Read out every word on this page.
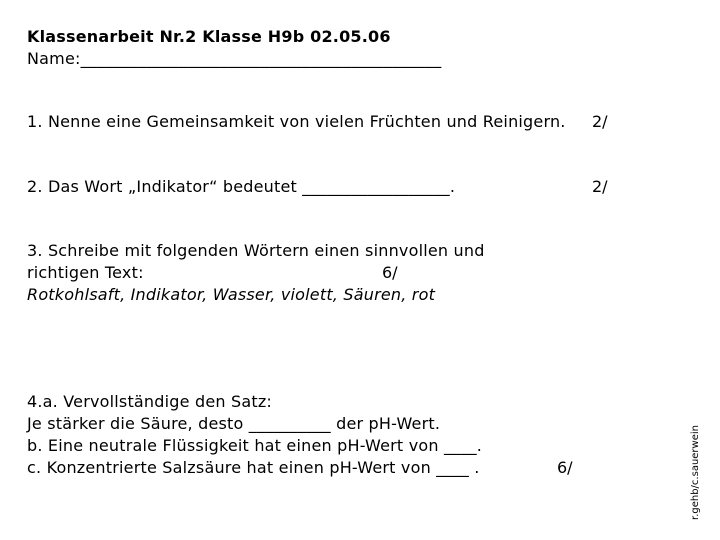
Klassenarbeit Nr.2 Klasse H9b 02.05.06
Name:____________________________________________
1. Nenne eine Gemeinsamkeit von vielen Früchten und Reinigern. 2/
2. Das Wort „Indikator“ bedeutet __________________.	2/
3. Schreibe mit folgenden Wörtern einen sinnvollen und
richtigen Text:	6/
Rotkohlsaft, Indikator, Wasser, violett, Säuren, rot
4.a. Vervollständige den Satz:
Je stärker die Säure, desto __________ der pH-Wert.
b. Eine neutrale Flüssigkeit hat einen pH-Wert von ____.
c. Konzentrierte Salzsäure hat einen pH-Wert von ____ .	6/	r.gehb/c.sauerwein
